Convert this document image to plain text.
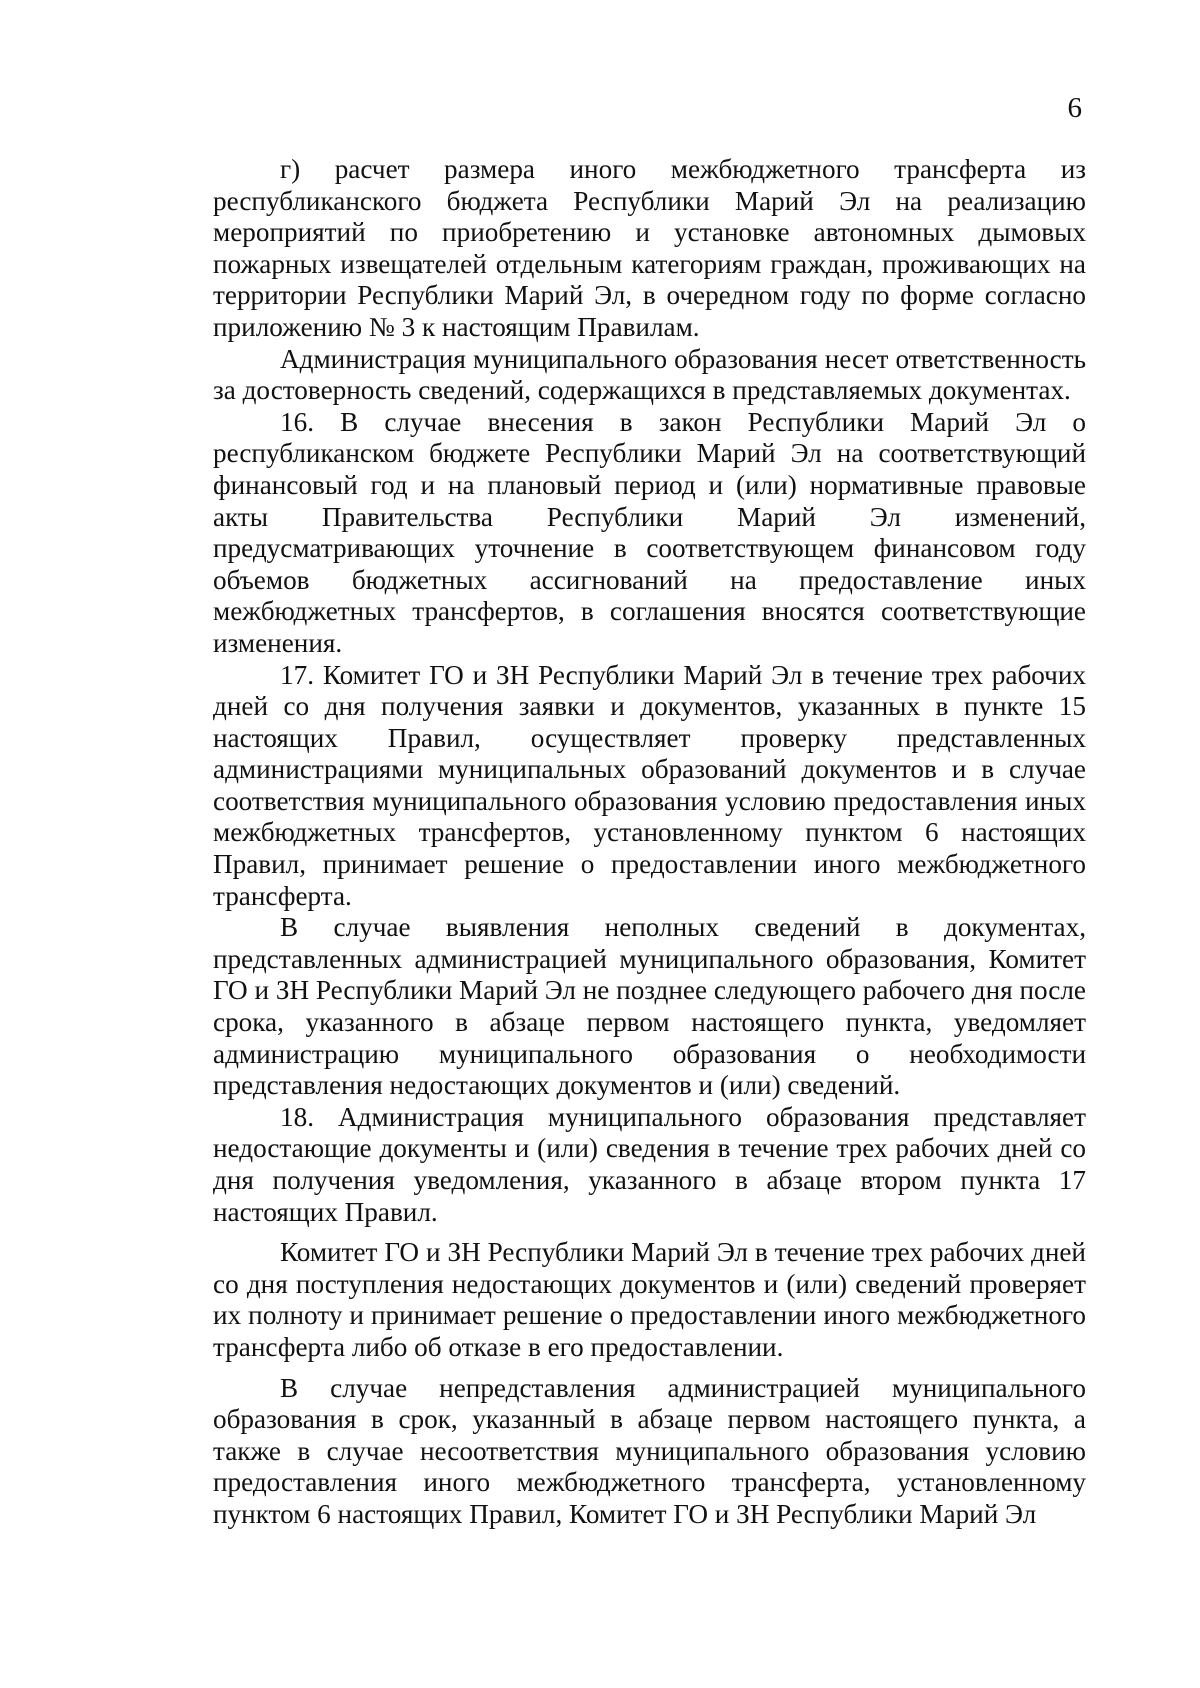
6

г) расчет размера иного межбюджетного трансферта из республиканского бюджета Республики Марий Эл на реализацию мероприятий по приобретению и установке автономных дымовых пожарных извещателей отдельным категориям граждан, проживающих на территории Республики Марий Эл, в очередном году по форме согласно приложению № 3 к настоящим Правилам.

Администрация муниципального образования несет ответственность за достоверность сведений, содержащихся в представляемых документах.

16. В случае внесения в закон Республики Марий Эл о республиканском бюджете Республики Марий Эл на соответствующий финансовый год и на плановый период и (или) нормативные правовые акты Правительства Республики Марий Эл изменений, предусматривающих уточнение в соответствующем финансовом году объемов бюджетных ассигнований на предоставление иных межбюджетных трансфертов, в соглашения вносятся соответствующие изменения.

17. Комитет ГО и ЗН Республики Марий Эл в течение трех рабочих дней со дня получения заявки и документов, указанных в пункте 15 настоящих Правил, осуществляет проверку представленных администрациями муниципальных образований документов и в случае соответствия муниципального образования условию предоставления иных межбюджетных трансфертов, установленному пунктом 6 настоящих Правил, принимает решение о предоставлении иного межбюджетного трансферта.

В случае выявления неполных сведений в документах, представленных администрацией муниципального образования, Комитет ГО и ЗН Республики Марий Эл не позднее следующего рабочего дня после срока, указанного в абзаце первом настоящего пункта, уведомляет администрацию муниципального образования о необходимости представления недостающих документов и (или) сведений.

18. Администрация муниципального образования представляет недостающие документы и (или) сведения в течение трех рабочих дней со дня получения уведомления, указанного в абзаце втором пункта 17 настоящих Правил.

Комитет ГО и ЗН Республики Марий Эл в течение трех рабочих дней со дня поступления недостающих документов и (или) сведений проверяет их полноту и принимает решение о предоставлении иного межбюджетного трансферта либо об отказе в его предоставлении.

В случае непредставления администрацией муниципального образования в срок, указанный в абзаце первом настоящего пункта, а также в случае несоответствия муниципального образования условию предоставления иного межбюджетного трансферта, установленному пунктом 6 настоящих Правил, Комитет ГО и ЗН Республики Марий Эл
